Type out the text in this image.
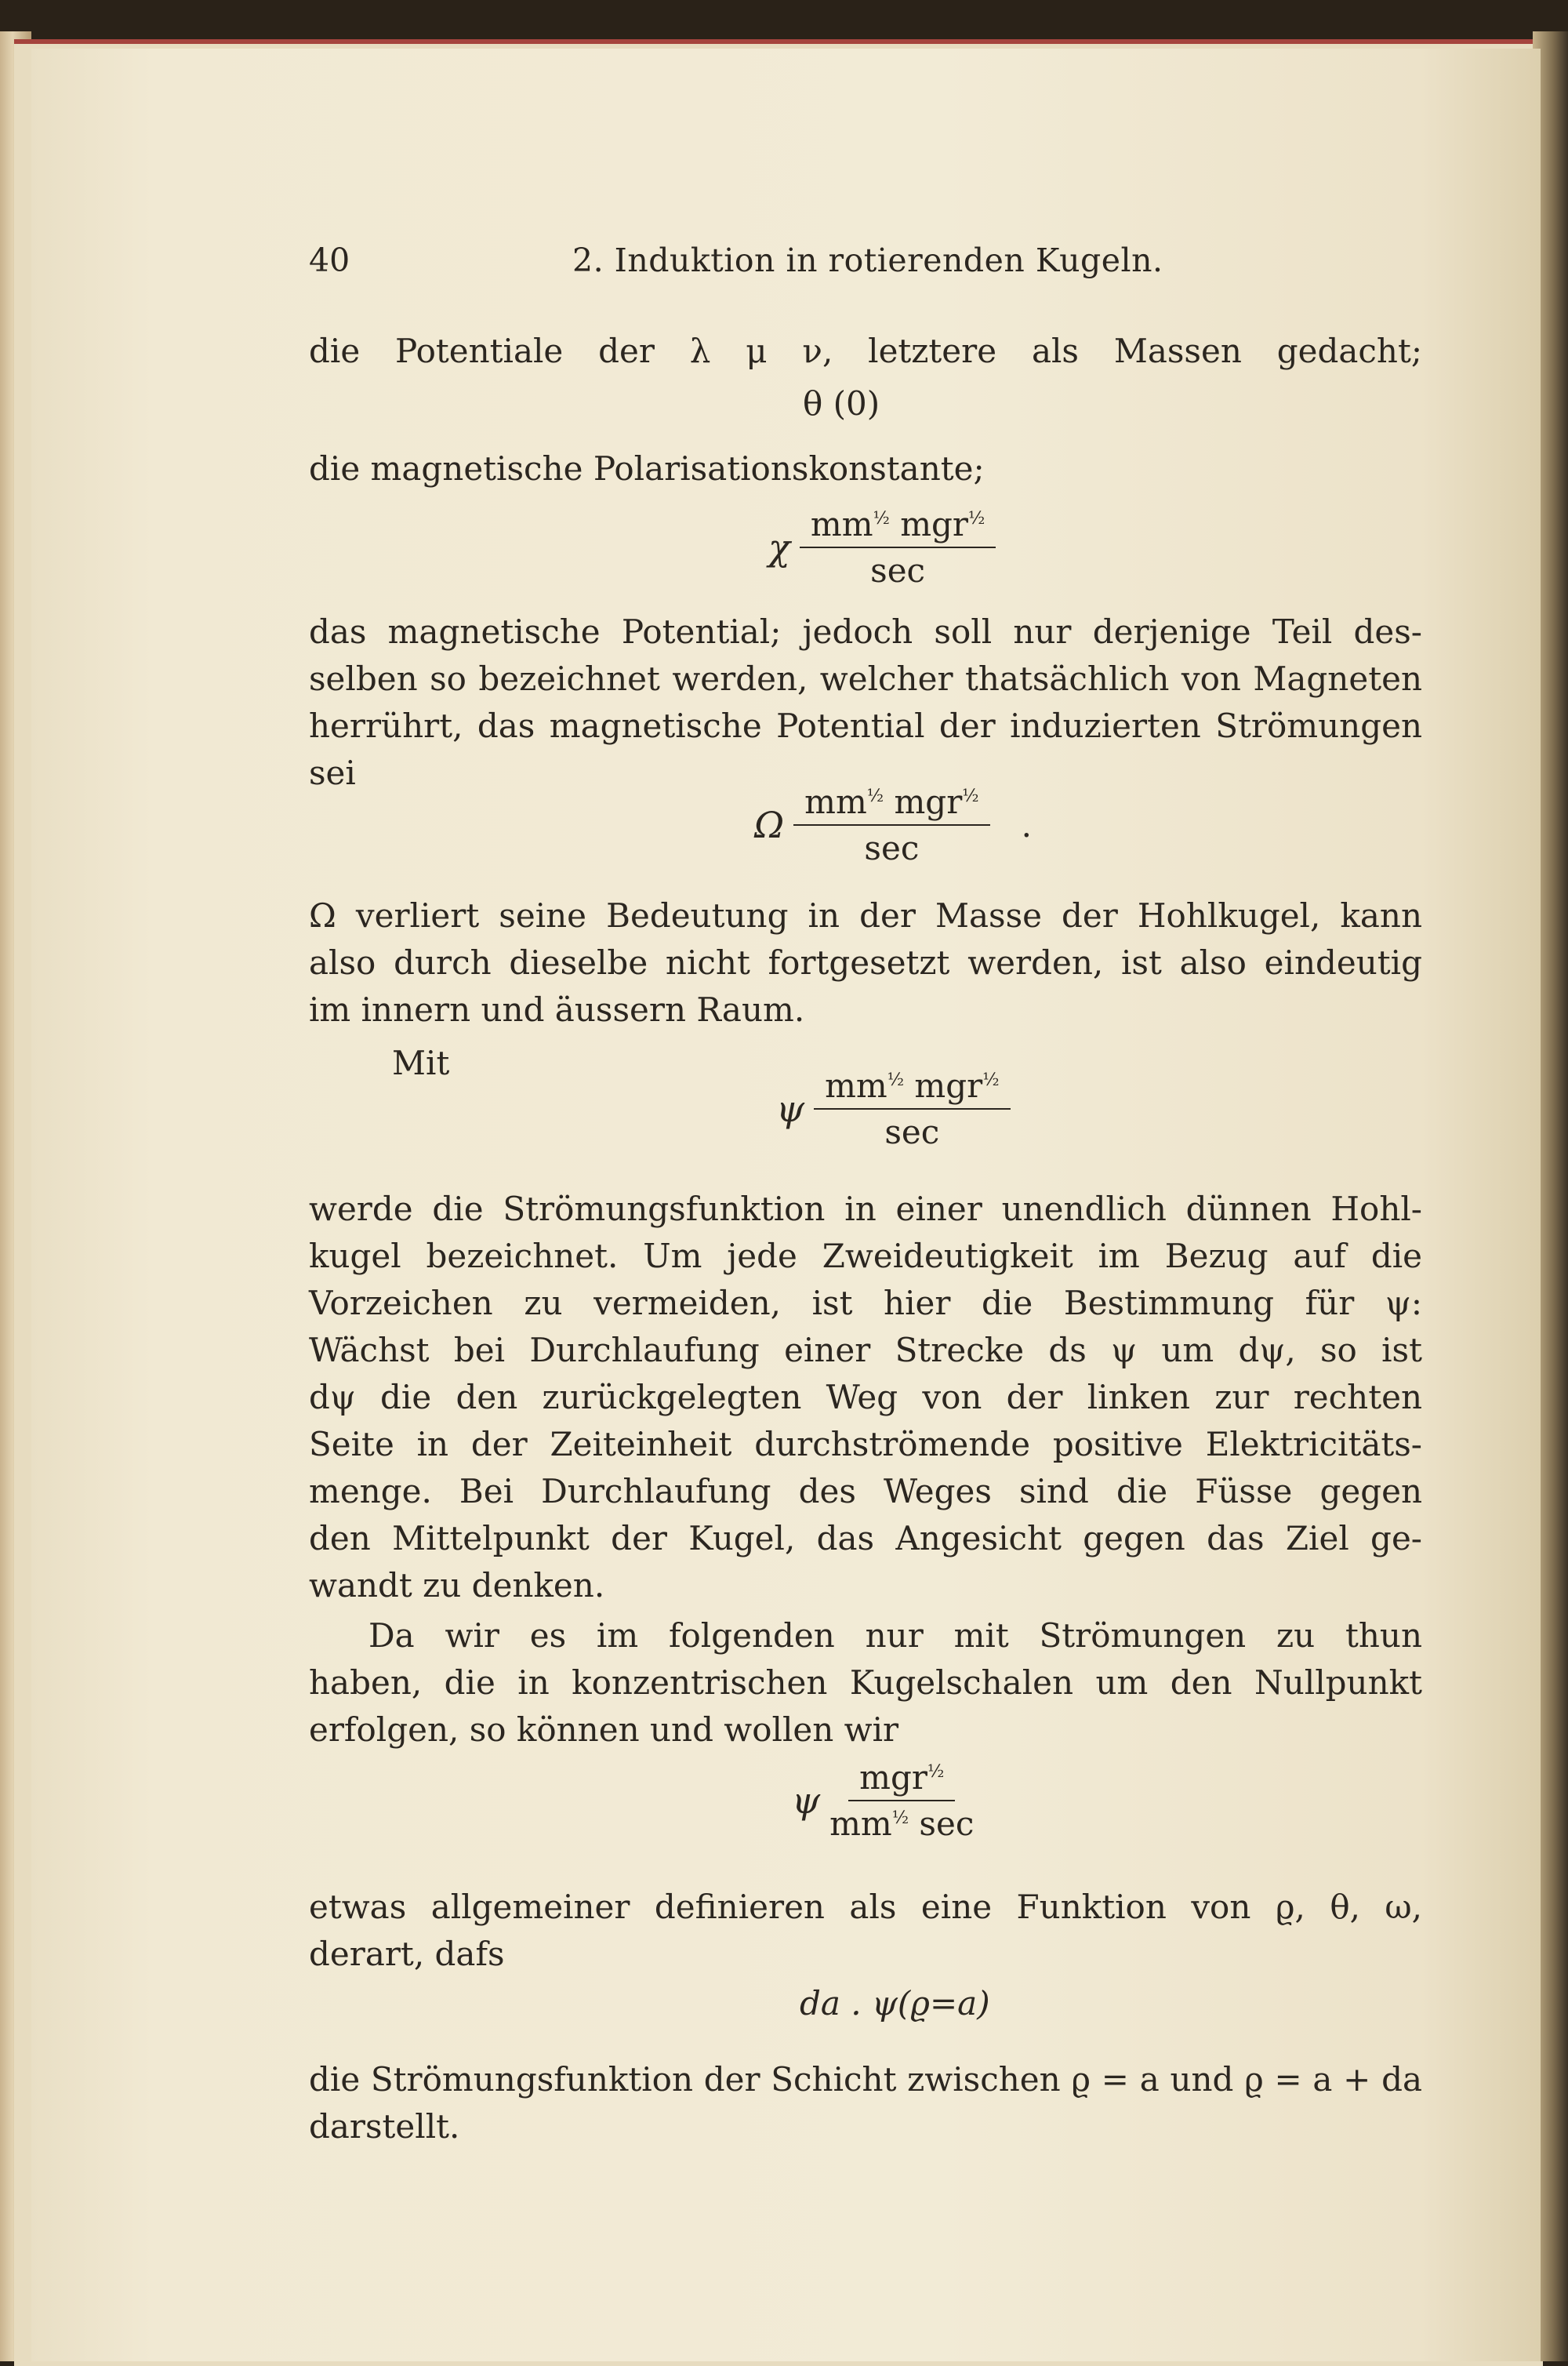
40	2. Induktion in rotierenden Kugeln.
die Potentiale der λ μ ν, letztere als Massen gedacht;
θ (0)
die magnetische Polarisationskonstante;
χ $\frac{mm^{\frac{1}{2}} mgr^{\frac{1}{2}}}{\sec}$
das magnetische Potential; jedoch soll nur derjenige Teil des-
selben so bezeichnet werden, welcher thatsächlich von Magneten
herrührt, das magnetische Potential der induzierten Strömungen
sei
Ω $\frac{mm^{\frac{1}{2}} mgr^{\frac{1}{2}}}{\sec}$ .
Ω verliert seine Bedeutung in der Masse der Hohlkugel, kann
also durch dieselbe nicht fortgesetzt werden, ist also eindeutig
im innern und äussern Raum.
Mit
ψ $\frac{mm^{\frac{1}{2}} mgr^{\frac{1}{2}}}{\sec}$
werde die Strömungsfunktion in einer unendlich dünnen Hohl-
kugel bezeichnet. Um jede Zweideutigkeit im Bezug auf die
Vorzeichen zu vermeiden, ist hier die Bestimmung für ψ:
Wächst bei Durchlaufung einer Strecke ds ψ um dψ, so ist
dψ die den zurückgelegten Weg von der linken zur rechten
Seite in der Zeiteinheit durchströmende positive Elektricitäts-
menge. Bei Durchlaufung des Weges sind die Füsse gegen
den Mittelpunkt der Kugel, das Angesicht gegen das Ziel ge-
wandt zu denken.
Da wir es im folgenden nur mit Strömungen zu thun
haben, die in konzentrischen Kugelschalen um den Nullpunkt
erfolgen, so können und wollen wir
ψ $\frac{mgr^{\frac{1}{2}}}{mm^{\frac{1}{2}} \sec}$
etwas allgemeiner definieren als eine Funktion von ϱ, θ, ω,
derart, dafs
da . ψ(ϱ=a)
die Strömungsfunktion der Schicht zwischen ϱ = a und ϱ = a + da
darstellt.
